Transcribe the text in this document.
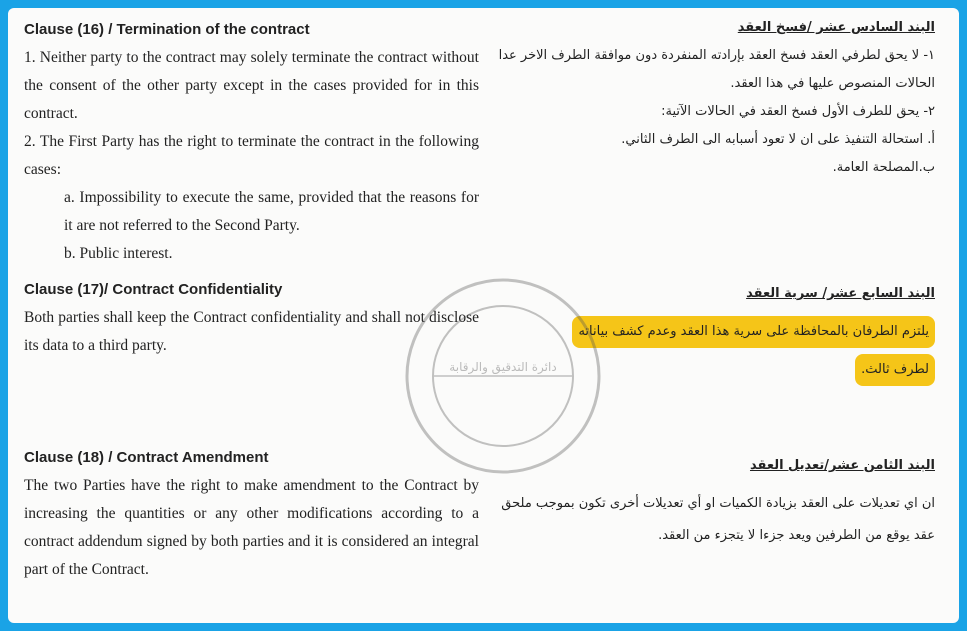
Clause (16) / Termination of the contract
1. Neither party to the contract may solely terminate the contract without the consent of the other party except in the cases provided for in this contract.
2. The First Party has the right to terminate the contract in the following cases:
a. Impossibility to execute the same, provided that the reasons for it are not referred to the Second Party.
b. Public interest.
Clause (17)/ Contract Confidentiality
Both parties shall keep the Contract confidentiality and shall not disclose its data to a third party.
Clause (18) / Contract Amendment
The two Parties have the right to make amendment to the Contract by increasing the quantities or any other modifications according to a contract addendum signed by both parties and it is considered an integral part of the Contract.
البند السادس عشر /فسخ العقد
١- لا يحق لطرفي العقد فسخ العقد بإرادته المنفردة دون موافقة الطرف الاخر عدا الحالات المنصوص عليها في هذا العقد.
٢- يحق للطرف الأول فسخ العقد في الحالات الآتية:
أ. استحالة التنفيذ على ان لا تعود أسبابه الى الطرف الثاني.
ب.المصلحة العامة.
البند السابع عشر/ سرية العقد
يلتزم الطرفان بالمحافظة على سرية هذا العقد وعدم كشف بياناته
لطرف ثالث.
البند الثامن عشر/تعديل العقد
ان اي تعديلات على العقد بزيادة الكميات او أي تعديلات أخرى تكون بموجب ملحق عقد يوقع من الطرفين ويعد جزءا لا يتجزء من العقد.
دائرة التدقيق والرقابة
